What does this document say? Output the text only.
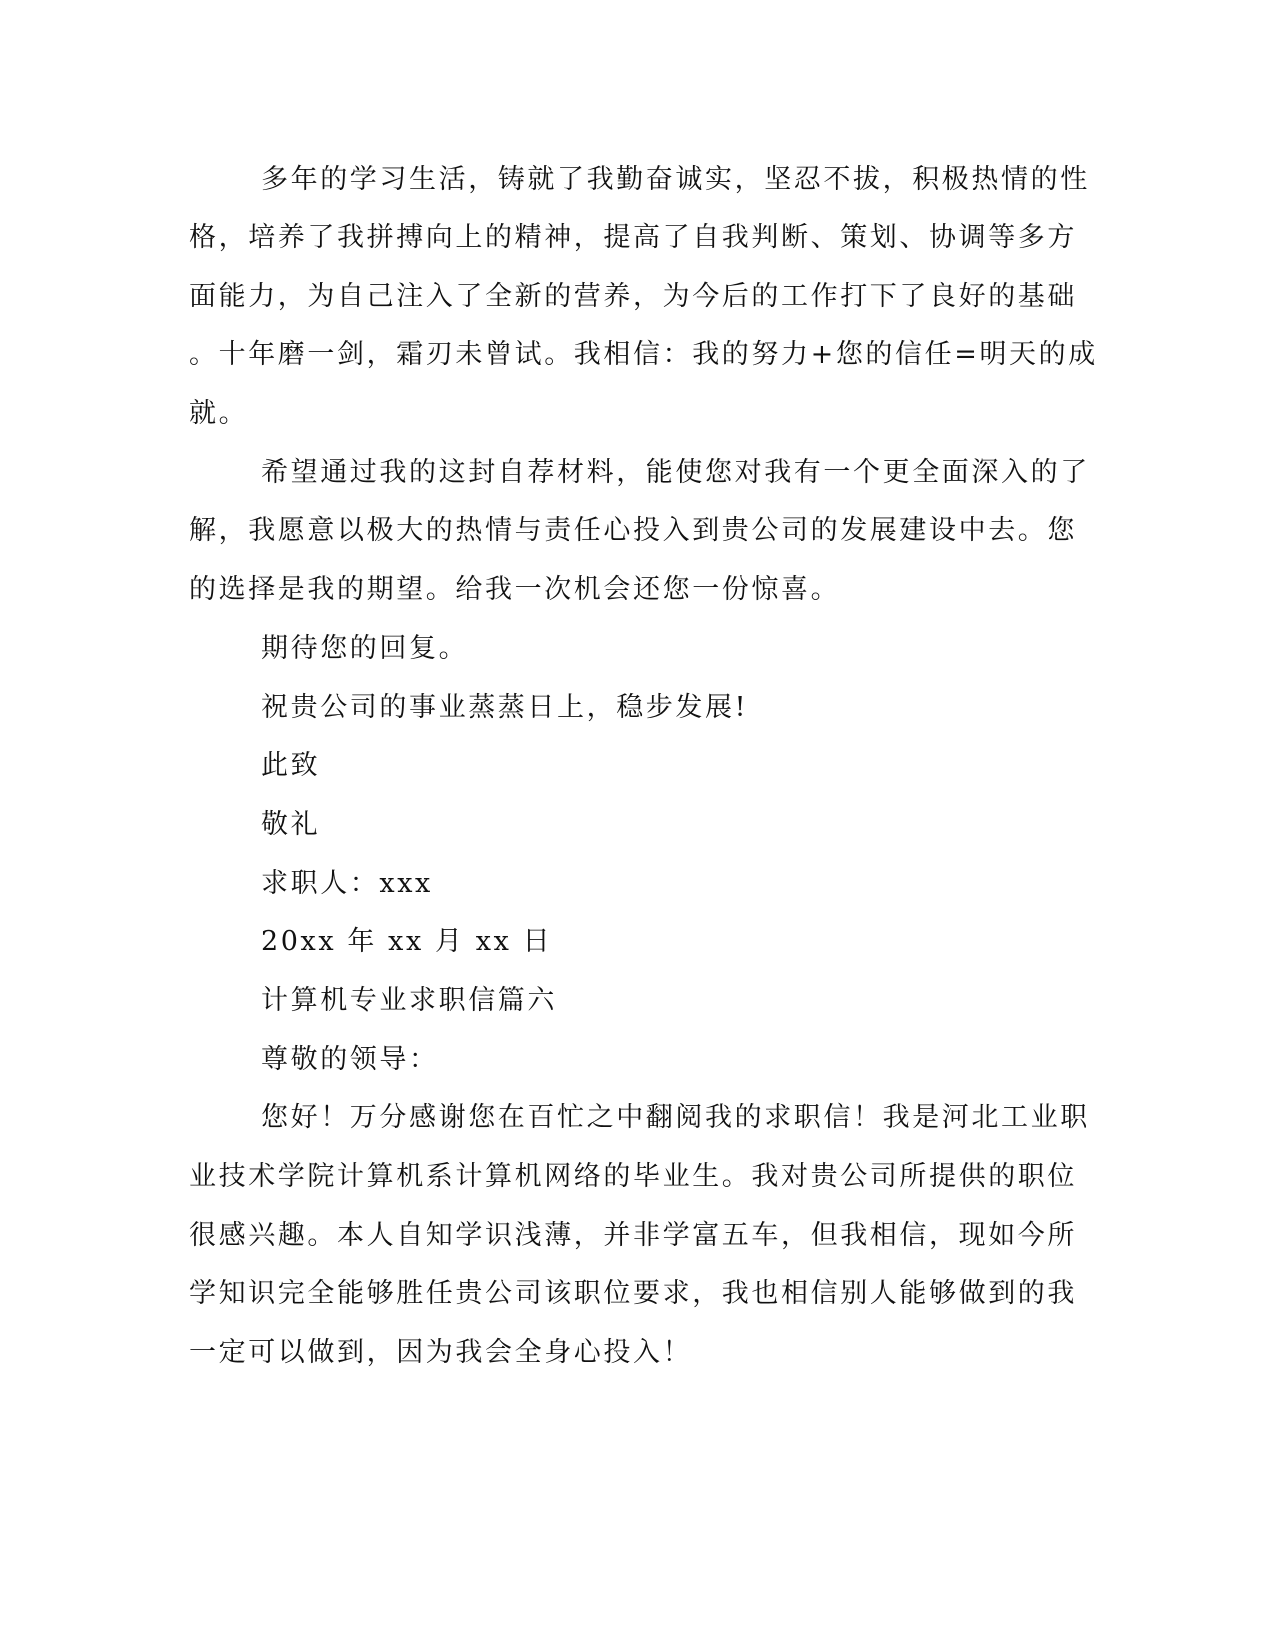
多年的学习生活，铸就了我勤奋诚实，坚忍不拔，积极热情的性
格，培养了我拼搏向上的精神，提高了自我判断、策划、协调等多方
面能力，为自己注入了全新的营养，为今后的工作打下了良好的基础
。十年磨一剑，霜刃未曾试。我相信：我的努力+您的信任=明天的成
就。
希望通过我的这封自荐材料，能使您对我有一个更全面深入的了
解，我愿意以极大的热情与责任心投入到贵公司的发展建设中去。您
的选择是我的期望。给我一次机会还您一份惊喜。
期待您的回复。
祝贵公司的事业蒸蒸日上，稳步发展!
此致
敬礼
求职人：xxx
20xx 年 xx 月 xx 日
计算机专业求职信篇六
尊敬的领导：
您好！万分感谢您在百忙之中翻阅我的求职信！我是河北工业职
业技术学院计算机系计算机网络的毕业生。我对贵公司所提供的职位
很感兴趣。本人自知学识浅薄，并非学富五车，但我相信，现如今所
学知识完全能够胜任贵公司该职位要求，我也相信别人能够做到的我
一定可以做到，因为我会全身心投入！
